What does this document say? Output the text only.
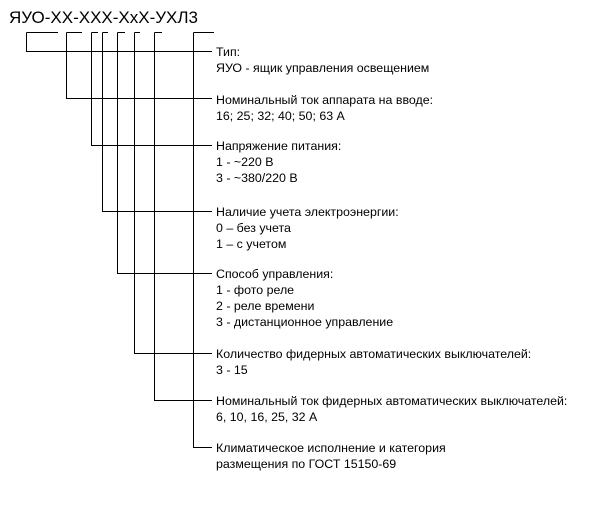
ЯУО-ХХ-ХХХ-ХхХ-УХЛ3
Тип:
ЯУО - ящик управления освещением
Номинальный ток аппарата на вводе:
16; 25; 32; 40; 50; 63 А
Напряжение питания:
1 - ~220 В
3 - ~380/220 В
Наличие учета электроэнергии:
0 – без учета
1 – с учетом
Способ управления:
1 - фото реле
2 - реле времени
3 - дистанционное управление
Количество фидерных автоматических выключателей:
3 - 15
Номинальный ток фидерных автоматических выключателей:
6, 10, 16, 25, 32 А
Климатическое исполнение и категория
размещения по ГОСТ 15150-69
